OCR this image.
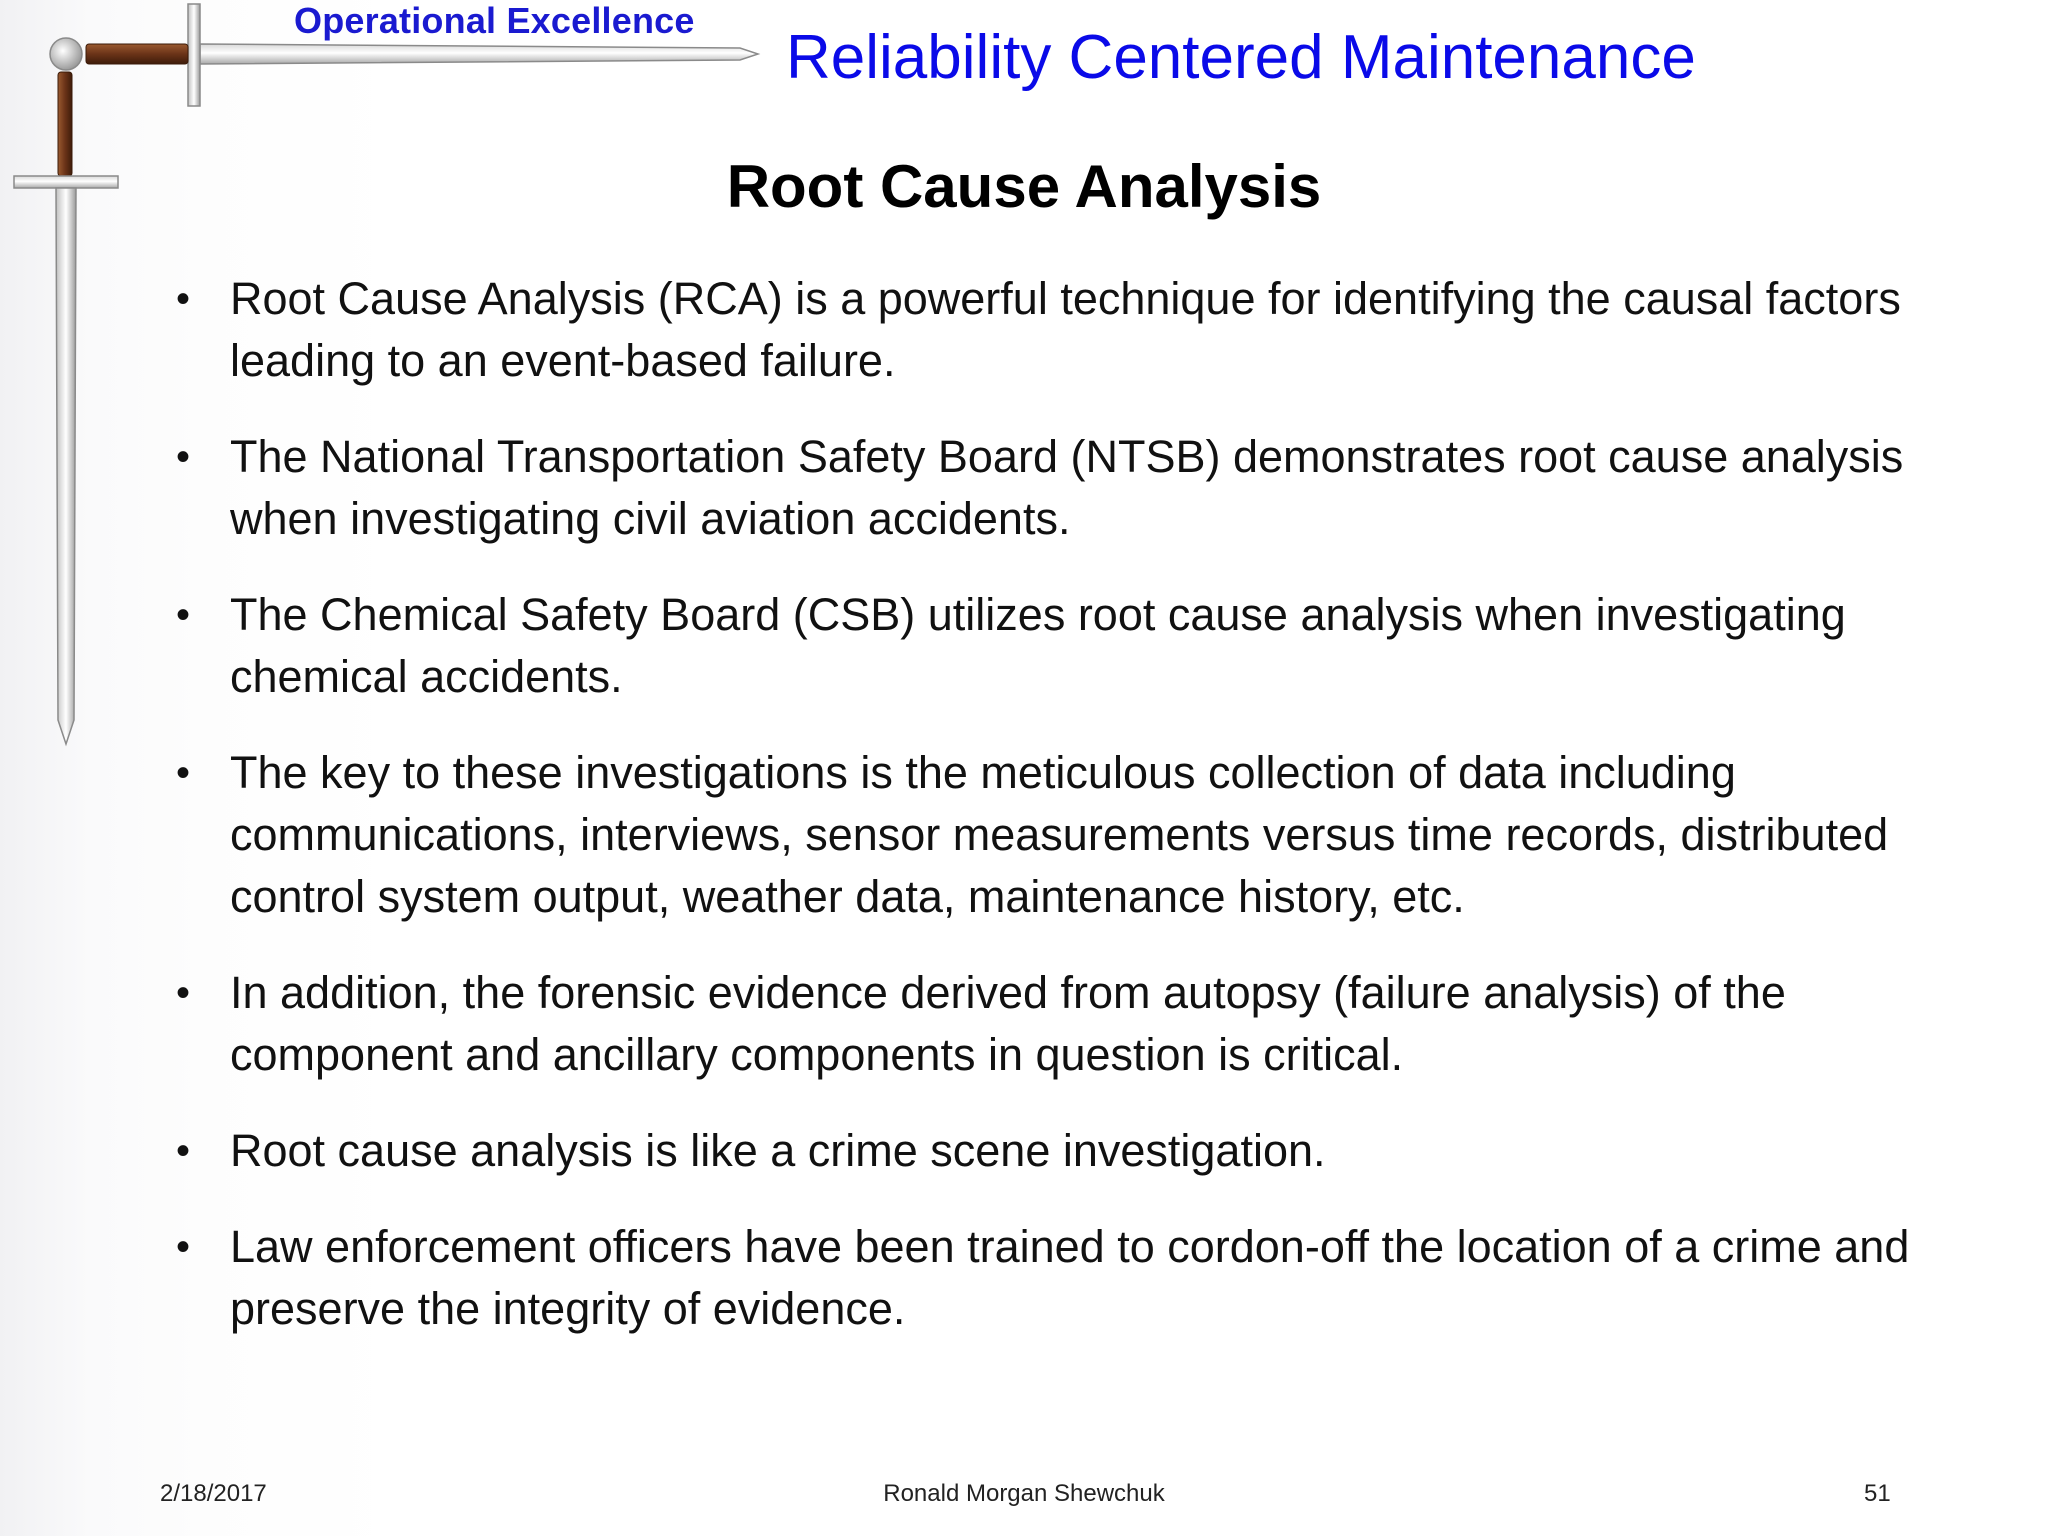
Operational Excellence
Reliability Centered Maintenance
Root Cause Analysis
• Root Cause Analysis (RCA) is a powerful technique for identifying the causal factors leading to an event-based failure.
• The National Transportation Safety Board (NTSB) demonstrates root cause analysis when investigating civil aviation accidents.
• The Chemical Safety Board (CSB) utilizes root cause analysis when investigating chemical accidents.
• The key to these investigations is the meticulous collection of data including communications, interviews, sensor measurements versus time records, distributed control system output, weather data, maintenance history, etc.
• In addition, the forensic evidence derived from autopsy (failure analysis) of the component and ancillary components in question is critical.
• Root cause analysis is like a crime scene investigation.
• Law enforcement officers have been trained to cordon-off the location of a crime and preserve the integrity of evidence.
2/18/2017	Ronald Morgan Shewchuk	51
